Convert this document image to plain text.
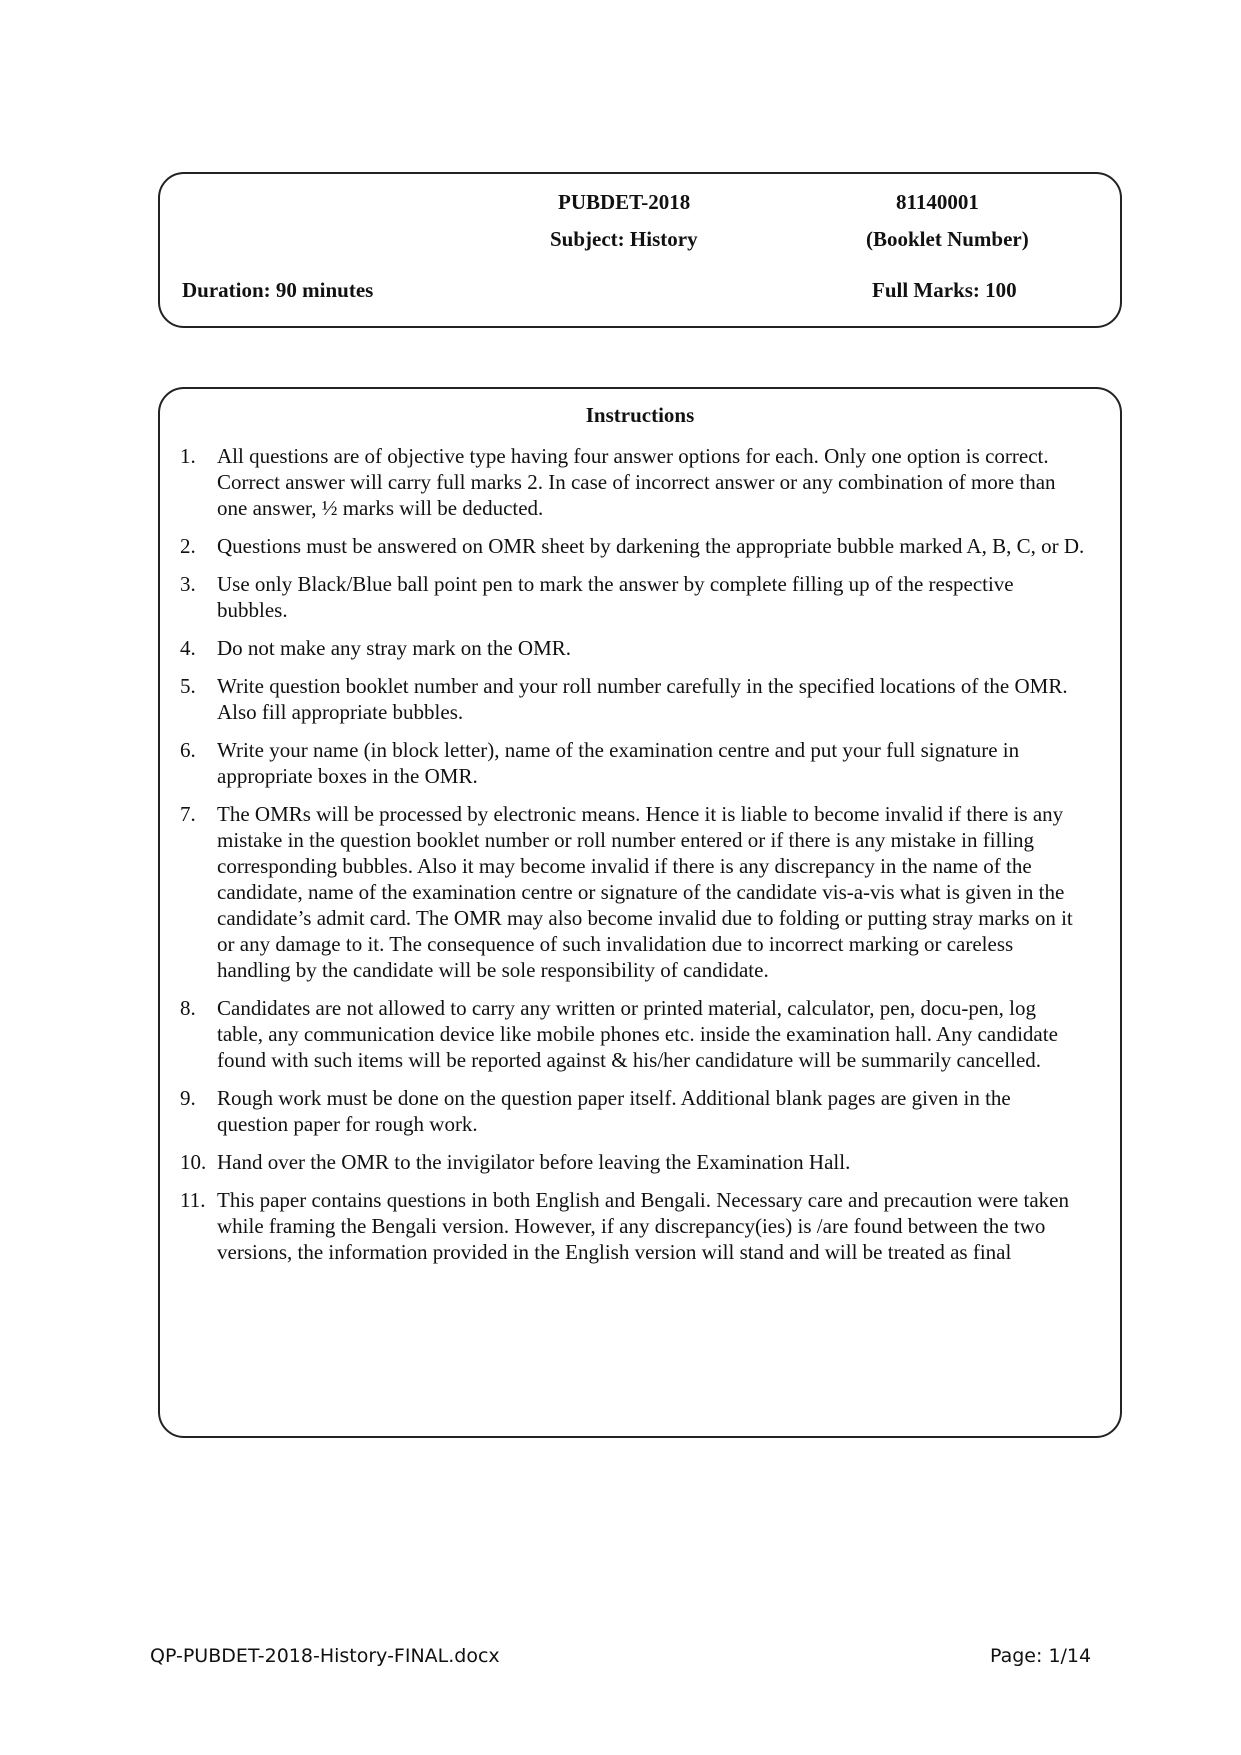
PUBDET-2018
Subject: History
81140001
(Booklet Number)
Duration: 90 minutes	Full Marks: 100
Instructions
1. All questions are of objective type having four answer options for each. Only one option is correct. Correct answer will carry full marks 2. In case of incorrect answer or any combination of more than one answer, ½ marks will be deducted.
2. Questions must be answered on OMR sheet by darkening the appropriate bubble marked A, B, C, or D.
3. Use only Black/Blue ball point pen to mark the answer by complete filling up of the respective bubbles.
4. Do not make any stray mark on the OMR.
5. Write question booklet number and your roll number carefully in the specified locations of the OMR. Also fill appropriate bubbles.
6. Write your name (in block letter), name of the examination centre and put your full signature in appropriate boxes in the OMR.
7. The OMRs will be processed by electronic means. Hence it is liable to become invalid if there is any mistake in the question booklet number or roll number entered or if there is any mistake in filling corresponding bubbles. Also it may become invalid if there is any discrepancy in the name of the candidate, name of the examination centre or signature of the candidate vis-a-vis what is given in the candidate’s admit card. The OMR may also become invalid due to folding or putting stray marks on it or any damage to it. The consequence of such invalidation due to incorrect marking or careless handling by the candidate will be sole responsibility of candidate.
8. Candidates are not allowed to carry any written or printed material, calculator, pen, docu-pen, log table, any communication device like mobile phones etc. inside the examination hall. Any candidate found with such items will be reported against & his/her candidature will be summarily cancelled.
9. Rough work must be done on the question paper itself. Additional blank pages are given in the question paper for rough work.
10. Hand over the OMR to the invigilator before leaving the Examination Hall.
11. This paper contains questions in both English and Bengali. Necessary care and precaution were taken while framing the Bengali version. However, if any discrepancy(ies) is /are found between the two versions, the information provided in the English version will stand and will be treated as final
QP-PUBDET-2018-History-FINAL.docx	Page: 1/14
